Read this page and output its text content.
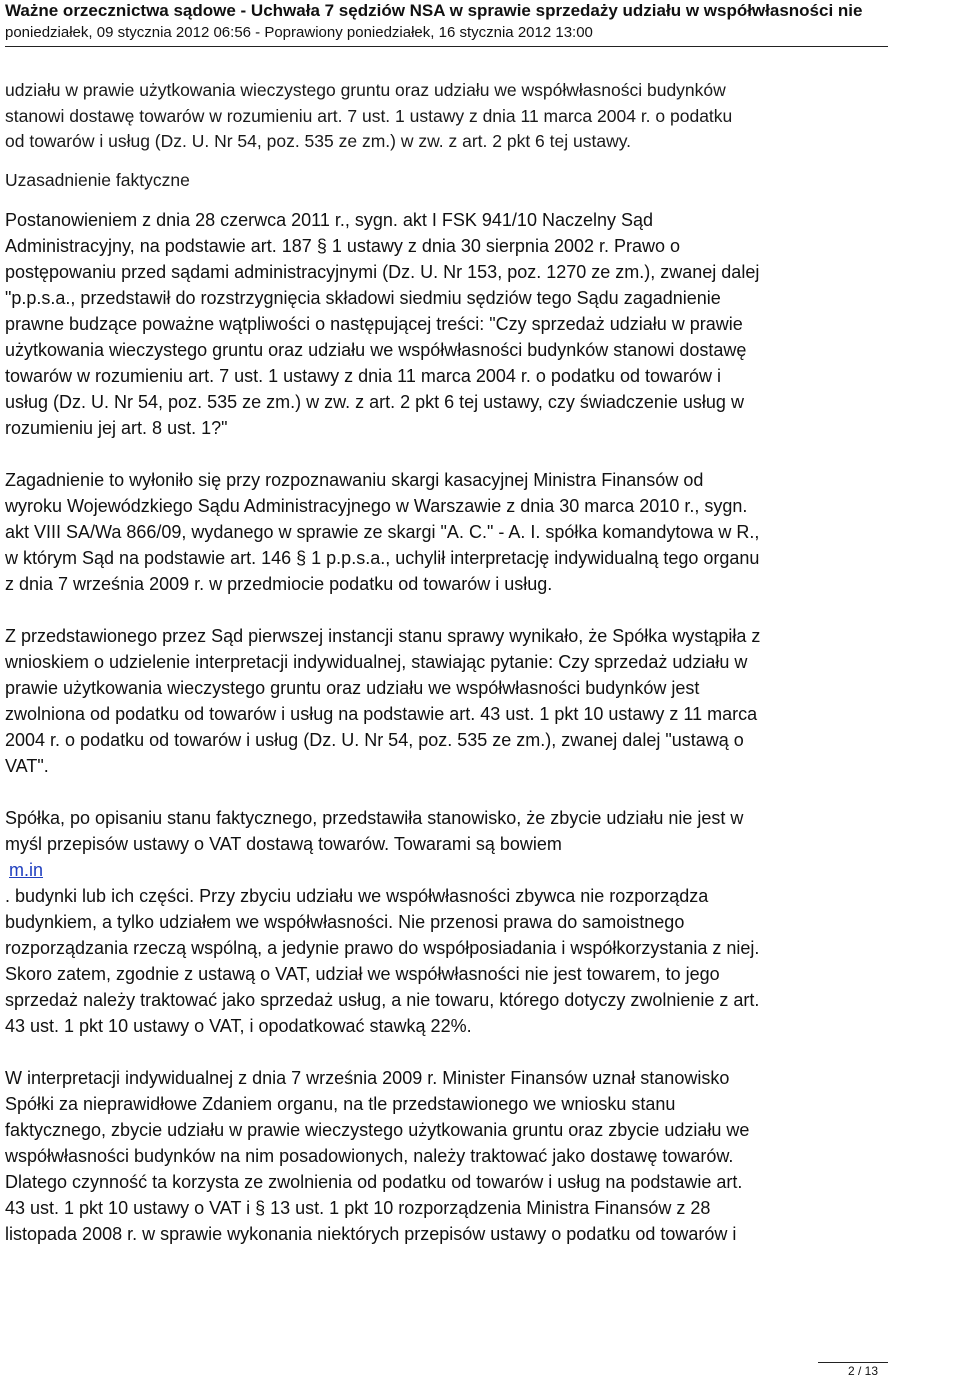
Ważne orzecznictwa sądowe - Uchwała 7 sędziów NSA w sprawie sprzedaży udziału w współwłasności nie
poniedziałek, 09 stycznia 2012 06:56 - Poprawiony poniedziałek, 16 stycznia 2012 13:00
udziału w prawie użytkowania wieczystego gruntu oraz udziału we współwłasności budynków
stanowi dostawę towarów w rozumieniu art. 7 ust. 1 ustawy z dnia 11 marca 2004 r. o podatku
od towarów i usług (Dz. U. Nr 54, poz. 535 ze zm.) w zw. z art. 2 pkt 6 tej ustawy.
Uzasadnienie faktyczne
Postanowieniem z dnia 28 czerwca 2011 r., sygn. akt I FSK 941/10 Naczelny Sąd
Administracyjny, na podstawie art. 187 § 1 ustawy z dnia 30 sierpnia 2002 r. Prawo o
postępowaniu przed sądami administracyjnymi (Dz. U. Nr 153, poz. 1270 ze zm.), zwanej dalej
"p.p.s.a., przedstawił do rozstrzygnięcia składowi siedmiu sędziów tego Sądu zagadnienie
prawne budzące poważne wątpliwości o następującej treści: "Czy sprzedaż udziału w prawie
użytkowania wieczystego gruntu oraz udziału we współwłasności budynków stanowi dostawę
towarów w rozumieniu art. 7 ust. 1 ustawy z dnia 11 marca 2004 r. o podatku od towarów i
usług (Dz. U. Nr 54, poz. 535 ze zm.) w zw. z art. 2 pkt 6 tej ustawy, czy świadczenie usług w
rozumieniu jej art. 8 ust. 1?"
Zagadnienie to wyłoniło się przy rozpoznawaniu skargi kasacyjnej Ministra Finansów od
wyroku Wojewódzkiego Sądu Administracyjnego w Warszawie z dnia 30 marca 2010 r., sygn.
akt VIII SA/Wa 866/09, wydanego w sprawie ze skargi "A. C." - A. I. spółka komandytowa w R.,
w którym Sąd na podstawie art. 146 § 1 p.p.s.a., uchylił interpretację indywidualną tego organu
z dnia 7 września 2009 r. w przedmiocie podatku od towarów i usług.
Z przedstawionego przez Sąd pierwszej instancji stanu sprawy wynikało, że Spółka wystąpiła z
wnioskiem o udzielenie interpretacji indywidualnej, stawiając pytanie: Czy sprzedaż udziału w
prawie użytkowania wieczystego gruntu oraz udziału we współwłasności budynków jest
zwolniona od podatku od towarów i usług na podstawie art. 43 ust. 1 pkt 10 ustawy z 11 marca
2004 r. o podatku od towarów i usług (Dz. U. Nr 54, poz. 535 ze zm.), zwanej dalej "ustawą o
VAT".
Spółka, po opisaniu stanu faktycznego, przedstawiła stanowisko, że zbycie udziału nie jest w
myśl przepisów ustawy o VAT dostawą towarów. Towarami są bowiem
m.in
. budynki lub ich części. Przy zbyciu udziału we współwłasności zbywca nie rozporządza
budynkiem, a tylko udziałem we współwłasności. Nie przenosi prawa do samoistnego
rozporządzania rzeczą wspólną, a jedynie prawo do współposiadania i współkorzystania z niej.
Skoro zatem, zgodnie z ustawą o VAT, udział we współwłasności nie jest towarem, to jego
sprzedaż należy traktować jako sprzedaż usług, a nie towaru, którego dotyczy zwolnienie z art.
43 ust. 1 pkt 10 ustawy o VAT, i opodatkować stawką 22%.
W interpretacji indywidualnej z dnia 7 września 2009 r. Minister Finansów uznał stanowisko
Spółki za nieprawidłowe Zdaniem organu, na tle przedstawionego we wniosku stanu
faktycznego, zbycie udziału w prawie wieczystego użytkowania gruntu oraz zbycie udziału we
współwłasności budynków na nim posadowionych, należy traktować jako dostawę towarów.
Dlatego czynność ta korzysta ze zwolnienia od podatku od towarów i usług na podstawie art.
43 ust. 1 pkt 10 ustawy o VAT i § 13 ust. 1 pkt 10 rozporządzenia Ministra Finansów z 28
listopada 2008 r. w sprawie wykonania niektórych przepisów ustawy o podatku od towarów i
2 / 13
